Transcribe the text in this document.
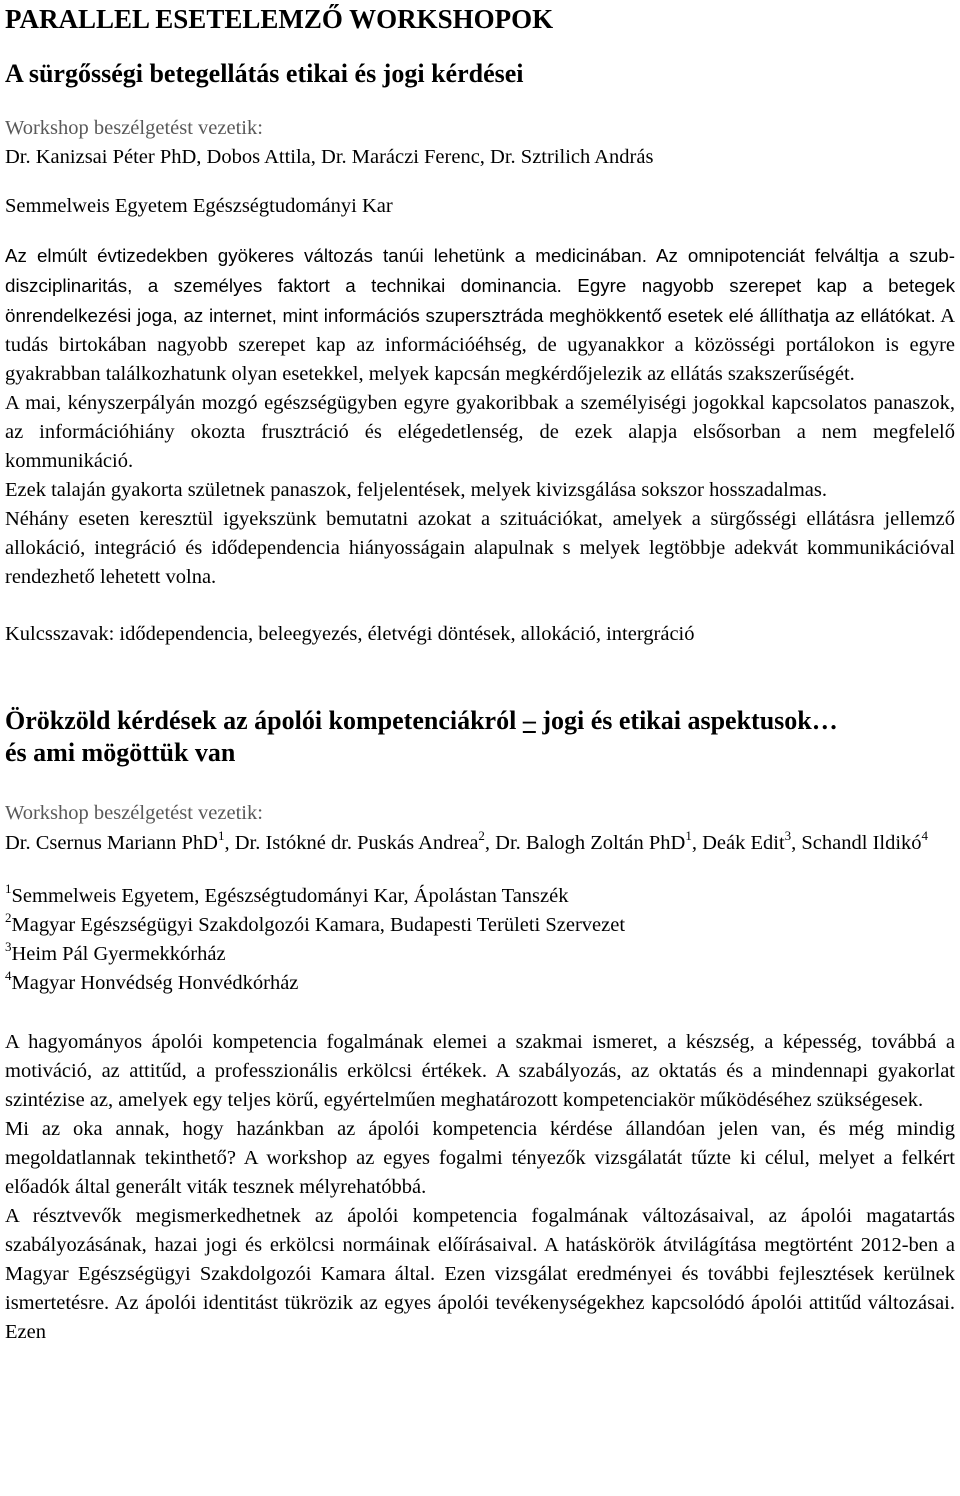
PARALLEL ESETELEMZŐ WORKSHOPOK
A sürgősségi betegellátás etikai és jogi kérdései

Workshop beszélgetést vezetik:

Dr. Kanizsai Péter PhD, Dobos Attila, Dr. Maráczi Ferenc, Dr. Sztrilich András

Semmelweis Egyetem Egészségtudományi Kar

Az elmúlt évtizedekben gyökeres változás tanúi lehetünk a medicinában. Az omnipotenciát felváltja a szub-diszciplinaritás, a személyes faktort a technikai dominancia. Egyre nagyobb szerepet kap a betegek önrendelkezési joga, az internet, mint információs szupersztráda meghökkentő esetek elé állíthatja az ellátókat. A tudás birtokában nagyobb szerepet kap az információéhség, de ugyanakkor a közösségi portálokon is egyre gyakrabban találkozhatunk olyan esetekkel, melyek kapcsán megkérdőjelezik az ellátás szakszerűségét.

A mai, kényszerpályán mozgó egészségügyben egyre gyakoribbak a személyiségi jogokkal kapcsolatos panaszok, az információhiány okozta frusztráció és elégedetlenség, de ezek alapja elsősorban a nem megfelelő kommunikáció.

Ezek talaján gyakorta születnek panaszok, feljelentések, melyek kivizsgálása sokszor hosszadalmas.

Néhány eseten keresztül igyekszünk bemutatni azokat a szituációkat, amelyek a sürgősségi ellátásra jellemző allokáció, integráció és idődependencia hiányosságain alapulnak s melyek legtöbbje adekvát kommunikációval rendezhető lehetett volna.

Kulcsszavak: idődependencia, beleegyezés, életvégi döntések, allokáció, intergráció

Örökzöld kérdések az ápolói kompetenciákról – jogi és etikai aspektusok…
és ami mögöttük van

Workshop beszélgetést vezetik:

Dr. Csernus Mariann PhD$^1$, Dr. Istókné dr. Puskás Andrea$^2$, Dr. Balogh Zoltán PhD$^1$, Deák Edit$^3$, Schandl Ildikó$^4$

$^1$Semmelweis Egyetem, Egészségtudományi Kar, Ápolástan Tanszék

$^2$Magyar Egészségügyi Szakdolgozói Kamara, Budapesti Területi Szervezet

$^3$Heim Pál Gyermekkórház

$^4$Magyar Honvédség Honvédkórház

A hagyományos ápolói kompetencia fogalmának elemei a szakmai ismeret, a készség, a képesség, továbbá a motiváció, az attitűd, a professzionális erkölcsi értékek. A szabályozás, az oktatás és a mindennapi gyakorlat szintézise az, amelyek egy teljes körű, egyértelműen meghatározott kompetenciakör működéséhez szükségesek.

Mi az oka annak, hogy hazánkban az ápolói kompetencia kérdése állandóan jelen van, és még mindig megoldatlannak tekinthető? A workshop az egyes fogalmi tényezők vizsgálatát tűzte ki célul, melyet a felkért előadók által generált viták tesznek mélyrehatóbbá.

A résztvevők megismerkedhetnek az ápolói kompetencia fogalmának változásaival, az ápolói magatartás szabályozásának, hazai jogi és erkölcsi normáinak előírásaival. A hatáskörök átvilágítása megtörtént 2012-ben a Magyar Egészségügyi Szakdolgozói Kamara által. Ezen vizsgálat eredményei és további fejlesztések kerülnek ismertetésre. Az ápolói identitást tükrözik az egyes ápolói tevékenységekhez kapcsolódó ápolói attitűd változásai. Ezen
